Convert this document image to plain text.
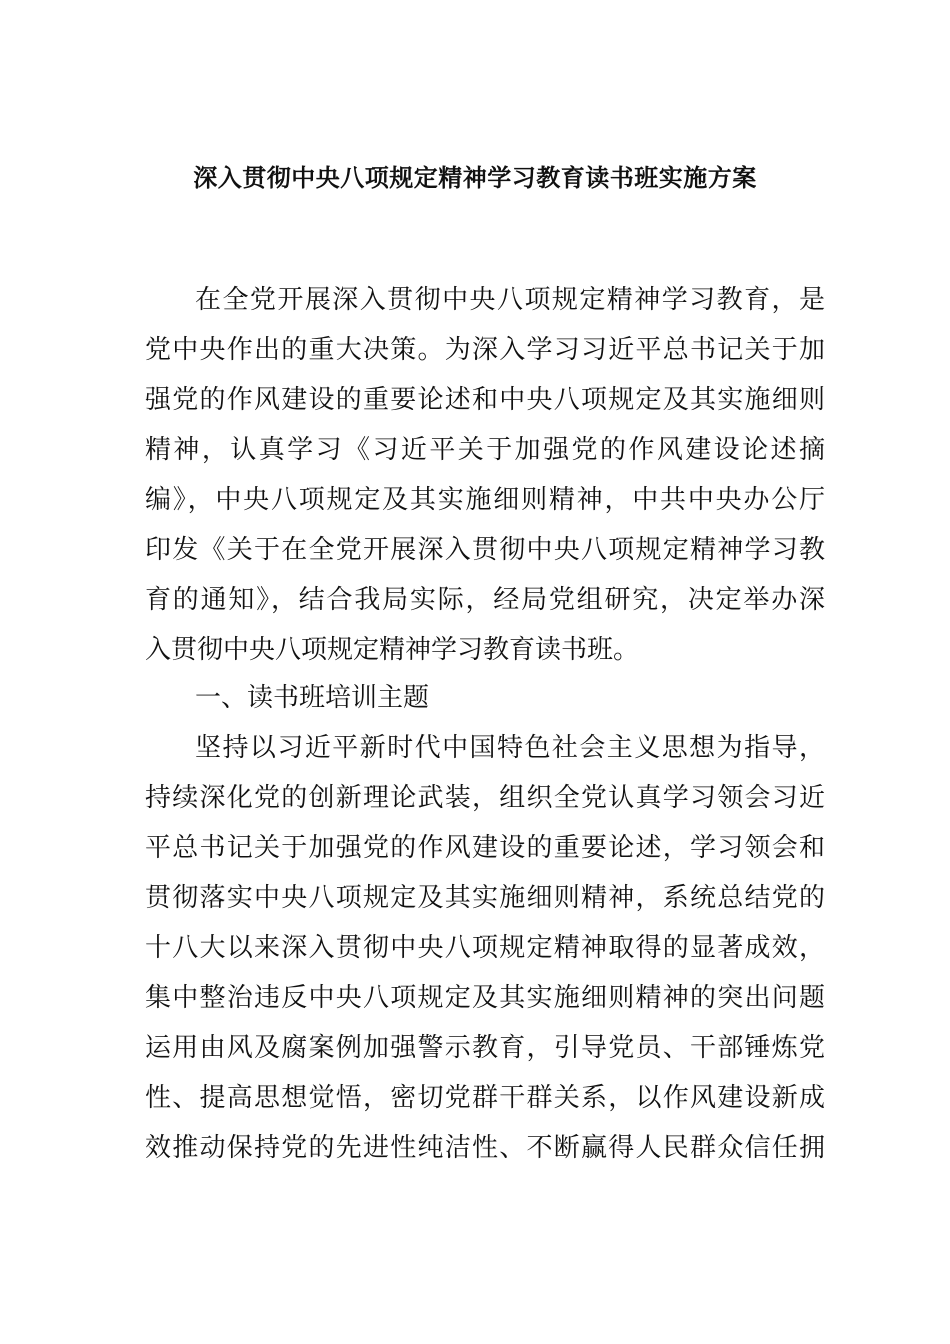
深入贯彻中央八项规定精神学习教育读书班实施方案

在全党开展深入贯彻中央八项规定精神学习教育，是

党中央作出的重大决策。为深入学习习近平总书记关于加

强党的作风建设的重要论述和中央八项规定及其实施细则

精神，认真学习《习近平关于加强党的作风建设论述摘

编》，中央八项规定及其实施细则精神，中共中央办公厅

印发《关于在全党开展深入贯彻中央八项规定精神学习教

育的通知》，结合我局实际，经局党组研究，决定举办深

入贯彻中央八项规定精神学习教育读书班。

一、读书班培训主题

坚持以习近平新时代中国特色社会主义思想为指导，

持续深化党的创新理论武装，组织全党认真学习领会习近

平总书记关于加强党的作风建设的重要论述，学习领会和

贯彻落实中央八项规定及其实施细则精神，系统总结党的

十八大以来深入贯彻中央八项规定精神取得的显著成效，

集中整治违反中央八项规定及其实施细则精神的突出问题

运用由风及腐案例加强警示教育，引导党员、干部锤炼党

性、提高思想觉悟，密切党群干群关系，以作风建设新成

效推动保持党的先进性纯洁性、不断赢得人民群众信任拥
